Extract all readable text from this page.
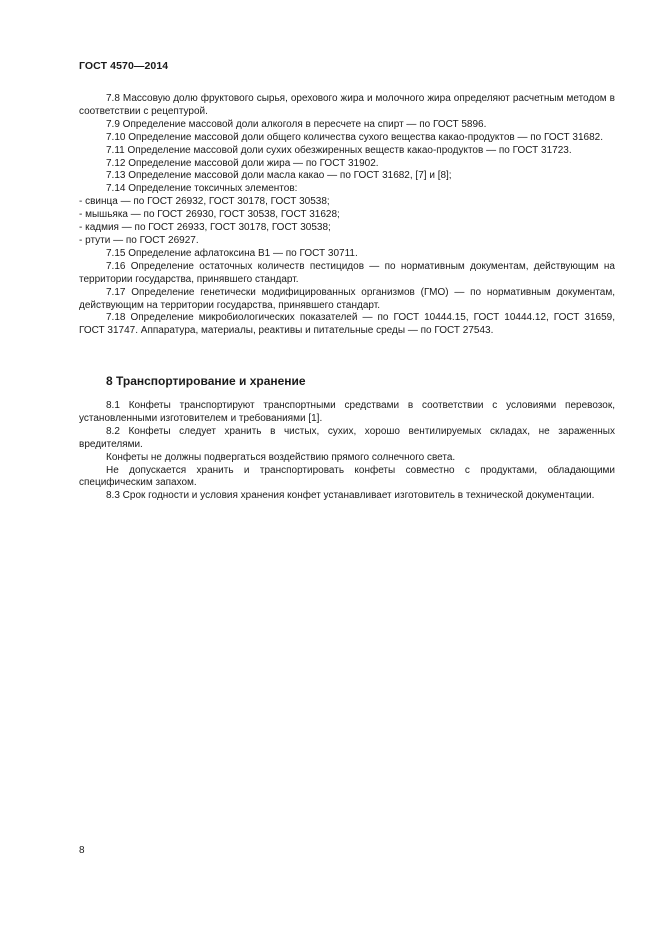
ГОСТ 4570—2014

7.8 Массовую долю фруктового сырья, орехового жира и молочного жира определяют расчетным методом в соответствии с рецептурой.

7.9 Определение массовой доли алкоголя в пересчете на спирт — по ГОСТ 5896.

7.10 Определение массовой доли общего количества сухого вещества какао-продуктов — по ГОСТ 31682.

7.11 Определение массовой доли сухих обезжиренных веществ какао-продуктов — по ГОСТ 31723.

7.12 Определение массовой доли жира — по ГОСТ 31902.

7.13 Определение массовой доли масла какао — по ГОСТ 31682, [7] и [8];

7.14 Определение токсичных элементов:

- свинца — по ГОСТ 26932, ГОСТ 30178, ГОСТ 30538;

- мышьяка — по ГОСТ 26930, ГОСТ 30538, ГОСТ 31628;

- кадмия — по ГОСТ 26933, ГОСТ 30178, ГОСТ 30538;

- ртути — по ГОСТ 26927.

7.15 Определение афлатоксина B1 — по ГОСТ 30711.

7.16 Определение остаточных количеств пестицидов — по нормативным документам, действующим на территории государства, принявшего стандарт.

7.17 Определение генетически модифицированных организмов (ГМО) — по нормативным документам, действующим на территории государства, принявшего стандарт.

7.18 Определение микробиологических показателей — по ГОСТ 10444.15, ГОСТ 10444.12, ГОСТ 31659, ГОСТ 31747. Аппаратура, материалы, реактивы и питательные среды — по ГОСТ 27543.

8 Транспортирование и хранение

8.1 Конфеты транспортируют транспортными средствами в соответствии с условиями перевозок, установленными изготовителем и требованиями [1].

8.2 Конфеты следует хранить в чистых, сухих, хорошо вентилируемых складах, не зараженных вредителями.

Конфеты не должны подвергаться воздействию прямого солнечного света.

Не допускается хранить и транспортировать конфеты совместно с продуктами, обладающими специфическим запахом.

8.3 Срок годности и условия хранения конфет устанавливает изготовитель в технической документации.

8
